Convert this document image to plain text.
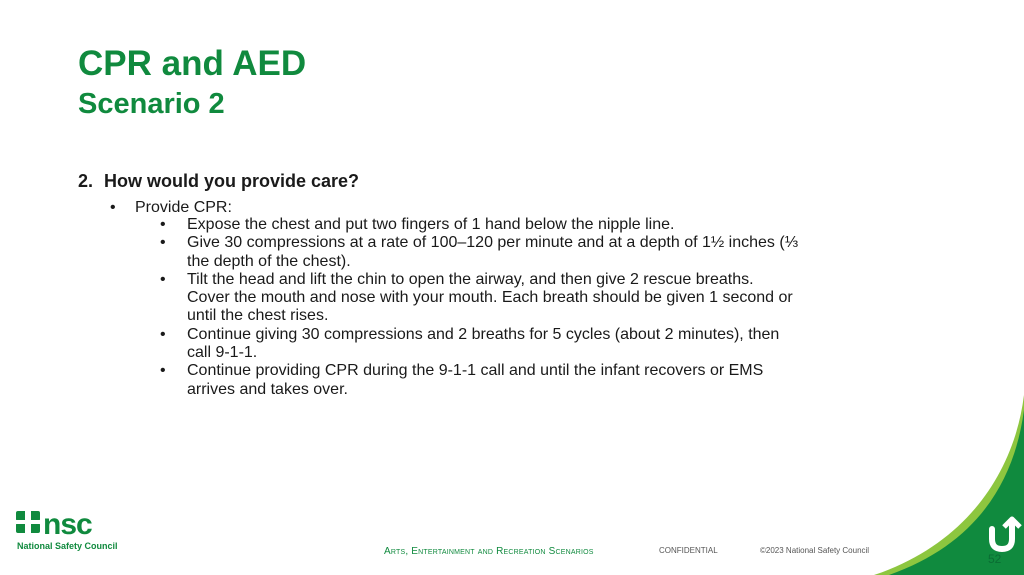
CPR and AED
Scenario 2
2. How would you provide care?
• Provide CPR:
• Expose the chest and put two fingers of 1 hand below the nipple line.
• Give 30 compressions at a rate of 100–120 per minute and at a depth of 1½ inches (⅓ the depth of the chest).
• Tilt the head and lift the chin to open the airway, and then give 2 rescue breaths. Cover the mouth and nose with your mouth. Each breath should be given 1 second or until the chest rises.
• Continue giving 30 compressions and 2 breaths for 5 cycles (about 2 minutes), then call 9-1-1.
• Continue providing CPR during the 9-1-1 call and until the infant recovers or EMS arrives and takes over.
nsc
National Safety Council	Arts, Entertainment and Recreation Scenarios	CONFIDENTIAL	©2023 National Safety Council
52
